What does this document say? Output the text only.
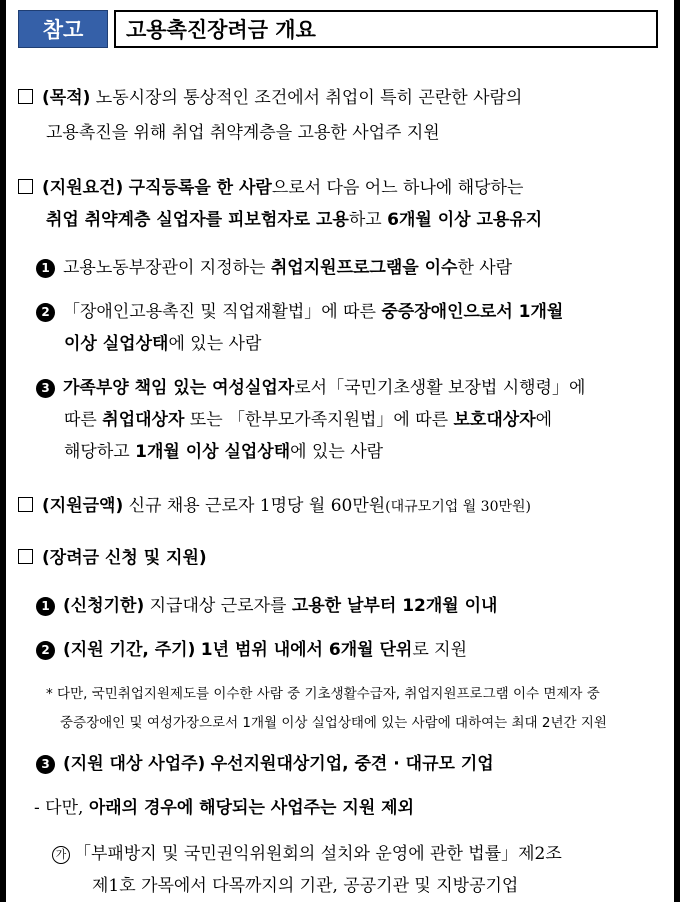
참고	고용촉진장려금 개요
(목적) 노동시장의 통상적인 조건에서 취업이 특히 곤란한 사람의
고용촉진을 위해 취업 취약계층을 고용한 사업주 지원
(지원요건) 구직등록을 한 사람으로서 다음 어느 하나에 해당하는
취업 취약계층 실업자를 피보험자로 고용하고 6개월 이상 고용유지
1 고용노동부장관이 지정하는 취업지원프로그램을 이수한 사람
2 「장애인고용촉진 및 직업재활법」에 따른 중증장애인으로서 1개월
이상 실업상태에 있는 사람
3 가족부양 책임 있는 여성실업자로서「국민기초생활 보장법 시행령」에
따른 취업대상자 또는 「한부모가족지원법」에 따른 보호대상자에
해당하고 1개월 이상 실업상태에 있는 사람
(지원금액) 신규 채용 근로자 1명당 월 60만원(대규모기업 월 30만원)
(장려금 신청 및 지원)
1 (신청기한) 지급대상 근로자를 고용한 날부터 12개월 이내
2 (지원 기간, 주기) 1년 범위 내에서 6개월 단위로 지원
* 다만, 국민취업지원제도를 이수한 사람 중 기초생활수급자, 취업지원프로그램 이수 면제자 중
중증장애인 및 여성가장으로서 1개월 이상 실업상태에 있는 사람에 대하여는 최대 2년간 지원
3 (지원 대상 사업주) 우선지원대상기업, 중견 · 대규모 기업
- 다만, 아래의 경우에 해당되는 사업주는 지원 제외
가 「부패방지 및 국민권익위원회의 설치와 운영에 관한 법률」제2조
제1호 가목에서 다목까지의 기관, 공공기관 및 지방공기업
